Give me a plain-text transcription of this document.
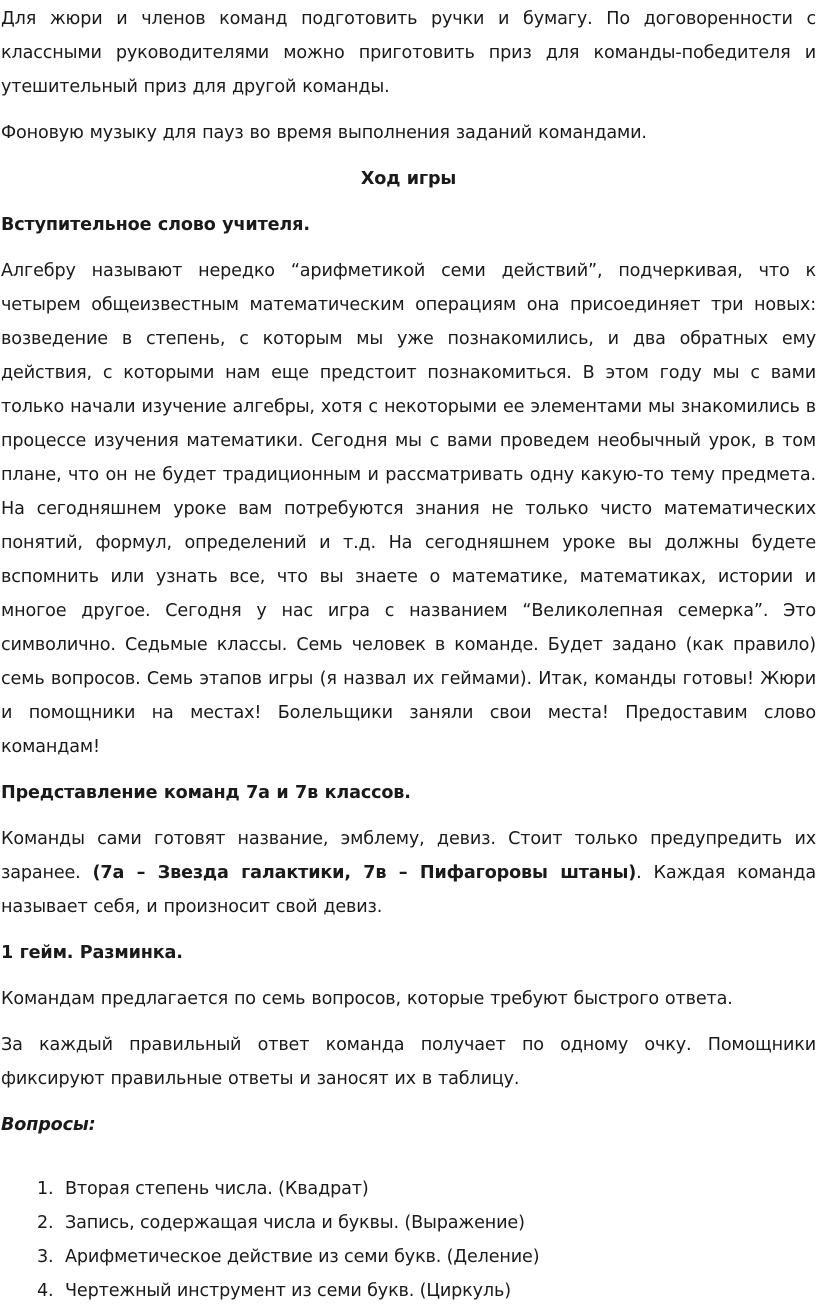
Для жюри и членов команд подготовить ручки и бумагу. По договоренности с классными руководителями можно приготовить приз для команды-победителя и утешительный приз для другой команды.

Фоновую музыку для пауз во время выполнения заданий командами.

Ход игры

Вступительное слово учителя.

Алгебру называют нередко “арифметикой семи действий”, подчеркивая, что к четырем общеизвестным математическим операциям она присоединяет три новых: возведение в степень, с которым мы уже познакомились, и два обратных ему действия, с которыми нам еще предстоит познакомиться. В этом году мы с вами только начали изучение алгебры, хотя с некоторыми ее элементами мы знакомились в процессе изучения математики. Сегодня мы с вами проведем необычный урок, в том плане, что он не будет традиционным и рассматривать одну какую-то тему предмета. На сегодняшнем уроке вам потребуются знания не только чисто математических понятий, формул, определений и т.д. На сегодняшнем уроке вы должны будете вспомнить или узнать все, что вы знаете о математике, математиках, истории и многое другое. Сегодня у нас игра с названием “Великолепная семерка”. Это символично. Седьмые классы. Семь человек в команде. Будет задано (как правило) семь вопросов. Семь этапов игры (я назвал их геймами). Итак, команды готовы! Жюри и помощники на местах! Болельщики заняли свои места! Предоставим слово командам!

Представление команд 7а и 7в классов.

Команды сами готовят название, эмблему, девиз. Стоит только предупредить их заранее. (7а – Звезда галактики, 7в – Пифагоровы штаны). Каждая команда называет себя, и произносит свой девиз.

1 гейм. Разминка.

Командам предлагается по семь вопросов, которые требуют быстрого ответа.

За каждый правильный ответ команда получает по одному очку. Помощники фиксируют правильные ответы и заносят их в таблицу.

Вопросы:

1. Вторая степень числа. (Квадрат)
2. Запись, содержащая числа и буквы. (Выражение)
3. Арифметическое действие из семи букв. (Деление)
4. Чертежный инструмент из семи букв. (Циркуль)
